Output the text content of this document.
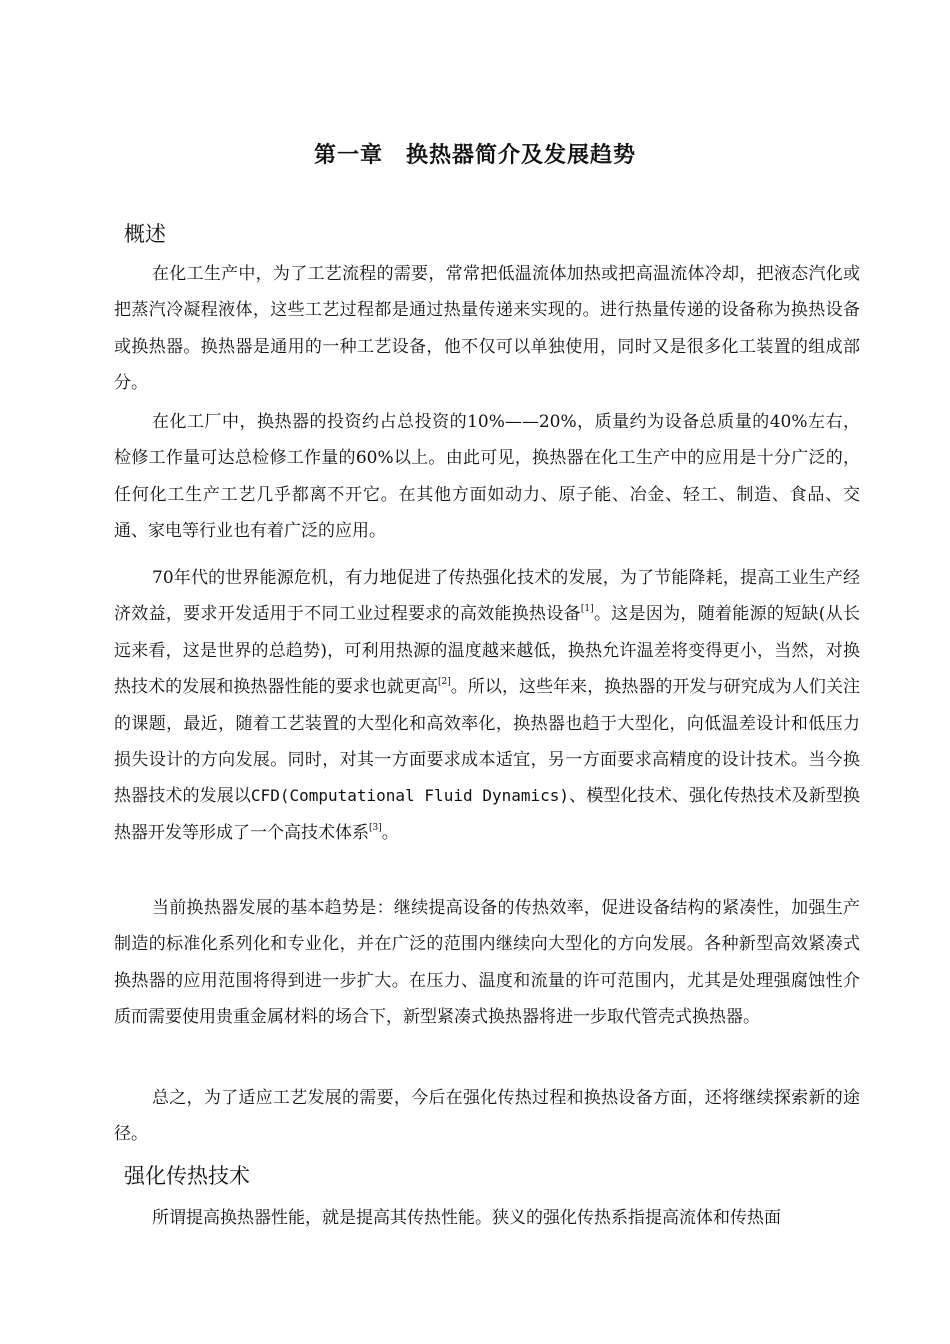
第一章　换热器简介及发展趋势
概述

在化工生产中，为了工艺流程的需要，常常把低温流体加热或把高温流体冷却，把液态汽化或把蒸汽冷凝程液体，这些工艺过程都是通过热量传递来实现的。进行热量传递的设备称为换热设备或换热器。换热器是通用的一种工艺设备，他不仅可以单独使用，同时又是很多化工装置的组成部分。

在化工厂中，换热器的投资约占总投资的10%——20%，质量约为设备总质量的40%左右，检修工作量可达总检修工作量的60%以上。由此可见，换热器在化工生产中的应用是十分广泛的，任何化工生产工艺几乎都离不开它。在其他方面如动力、原子能、冶金、轻工、制造、食品、交通、家电等行业也有着广泛的应用。

70年代的世界能源危机，有力地促进了传热强化技术的发展，为了节能降耗，提高工业生产经济效益，要求开发适用于不同工业过程要求的高效能换热设备[1]。这是因为，随着能源的短缺(从长远来看，这是世界的总趋势)，可利用热源的温度越来越低，换热允许温差将变得更小，当然，对换热技术的发展和换热器性能的要求也就更高[2]。所以，这些年来，换热器的开发与研究成为人们关注的课题，最近，随着工艺装置的大型化和高效率化，换热器也趋于大型化，向低温差设计和低压力损失设计的方向发展。同时，对其一方面要求成本适宜，另一方面要求高精度的设计技术。当今换热器技术的发展以CFD(Computational Fluid Dynamics)、模型化技术、强化传热技术及新型换热器开发等形成了一个高技术体系[3]。

当前换热器发展的基本趋势是：继续提高设备的传热效率，促进设备结构的紧凑性，加强生产制造的标准化系列化和专业化，并在广泛的范围内继续向大型化的方向发展。各种新型高效紧凑式换热器的应用范围将得到进一步扩大。在压力、温度和流量的许可范围内，尤其是处理强腐蚀性介质而需要使用贵重金属材料的场合下，新型紧凑式换热器将进一步取代管壳式换热器。

总之，为了适应工艺发展的需要，今后在强化传热过程和换热设备方面，还将继续探索新的途径。

强化传热技术

所谓提高换热器性能，就是提高其传热性能。狭义的强化传热系指提高流体和传热面
